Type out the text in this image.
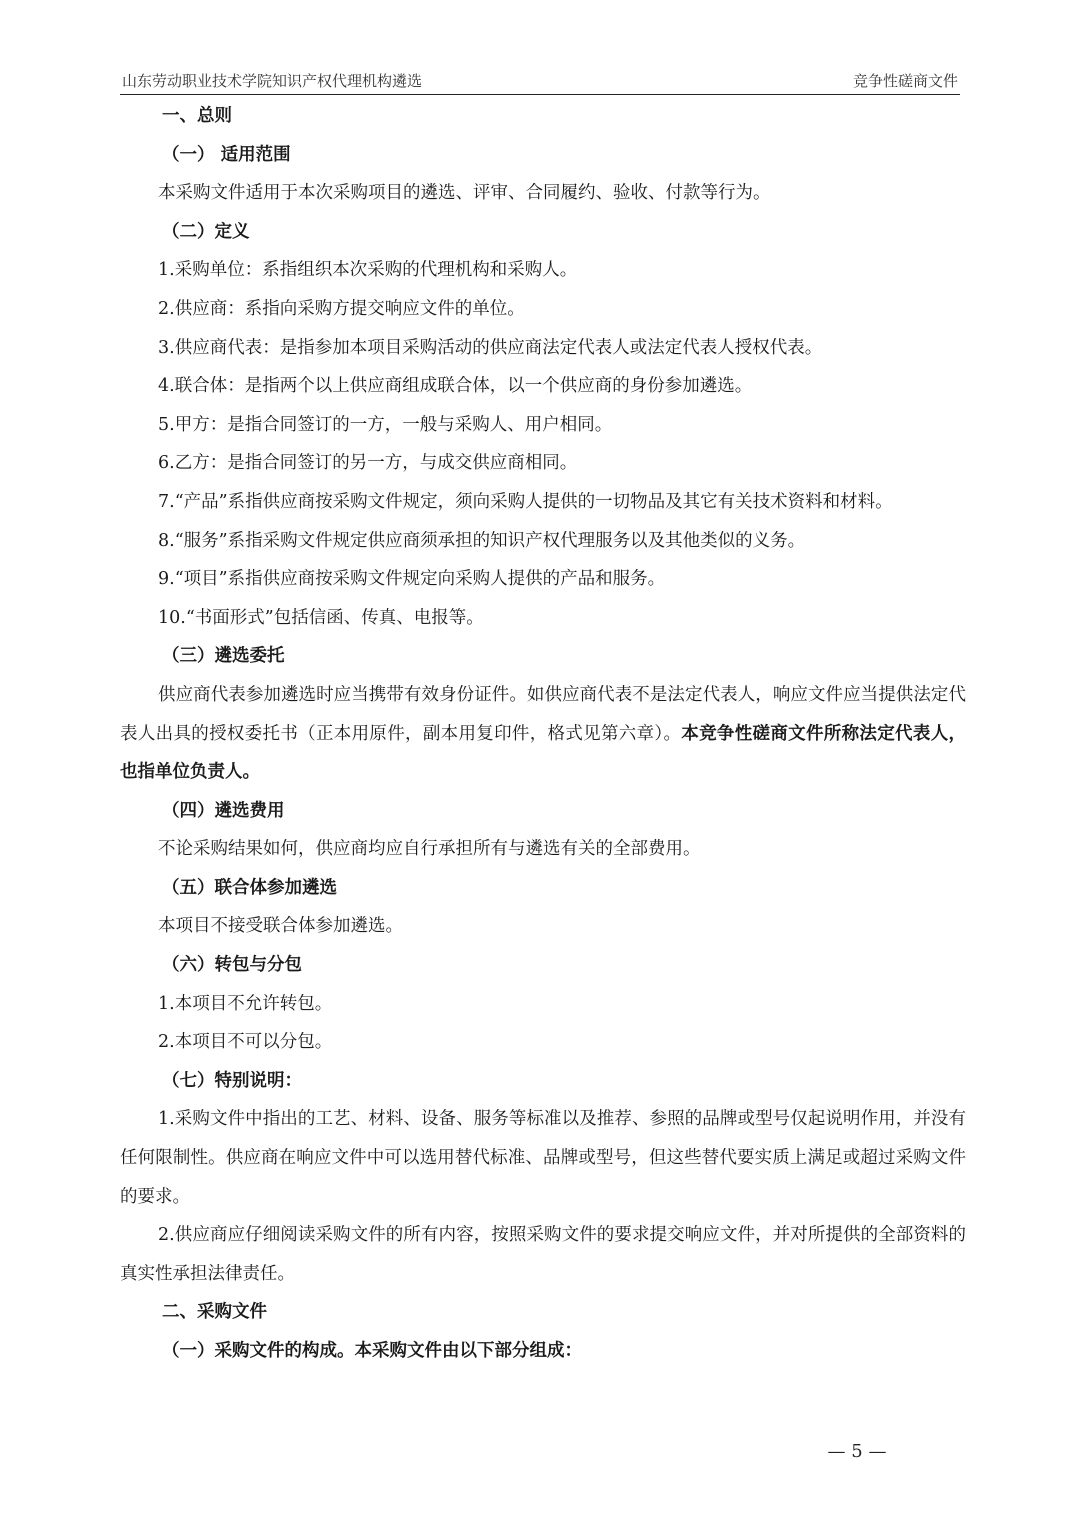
山东劳动职业技术学院知识产权代理机构遴选	竞争性磋商文件

一、总则

（一） 适用范围

本采购文件适用于本次采购项目的遴选、评审、合同履约、验收、付款等行为。

（二）定义

1.采购单位：系指组织本次采购的代理机构和采购人。

2.供应商：系指向采购方提交响应文件的单位。

3.供应商代表：是指参加本项目采购活动的供应商法定代表人或法定代表人授权代表。

4.联合体：是指两个以上供应商组成联合体，以一个供应商的身份参加遴选。

5.甲方：是指合同签订的一方，一般与采购人、用户相同。

6.乙方：是指合同签订的另一方，与成交供应商相同。

7.“产品”系指供应商按采购文件规定，须向采购人提供的一切物品及其它有关技术资料和材料。

8.“服务”系指采购文件规定供应商须承担的知识产权代理服务以及其他类似的义务。

9.“项目”系指供应商按采购文件规定向采购人提供的产品和服务。

10.“书面形式”包括信函、传真、电报等。

（三）遴选委托

供应商代表参加遴选时应当携带有效身份证件。如供应商代表不是法定代表人，响应文件应当提供法定代表人出具的授权委托书（正本用原件，副本用复印件，格式见第六章）。本竞争性磋商文件所称法定代表人，也指单位负责人。

（四）遴选费用

不论采购结果如何，供应商均应自行承担所有与遴选有关的全部费用。

（五）联合体参加遴选

本项目不接受联合体参加遴选。

（六）转包与分包

1.本项目不允许转包。

2.本项目不可以分包。

（七）特别说明：

1.采购文件中指出的工艺、材料、设备、服务等标准以及推荐、参照的品牌或型号仅起说明作用，并没有任何限制性。供应商在响应文件中可以选用替代标准、品牌或型号，但这些替代要实质上满足或超过采购文件的要求。

2.供应商应仔细阅读采购文件的所有内容，按照采购文件的要求提交响应文件，并对所提供的全部资料的真实性承担法律责任。

二、采购文件

（一）采购文件的构成。本采购文件由以下部分组成：

— 5 —
